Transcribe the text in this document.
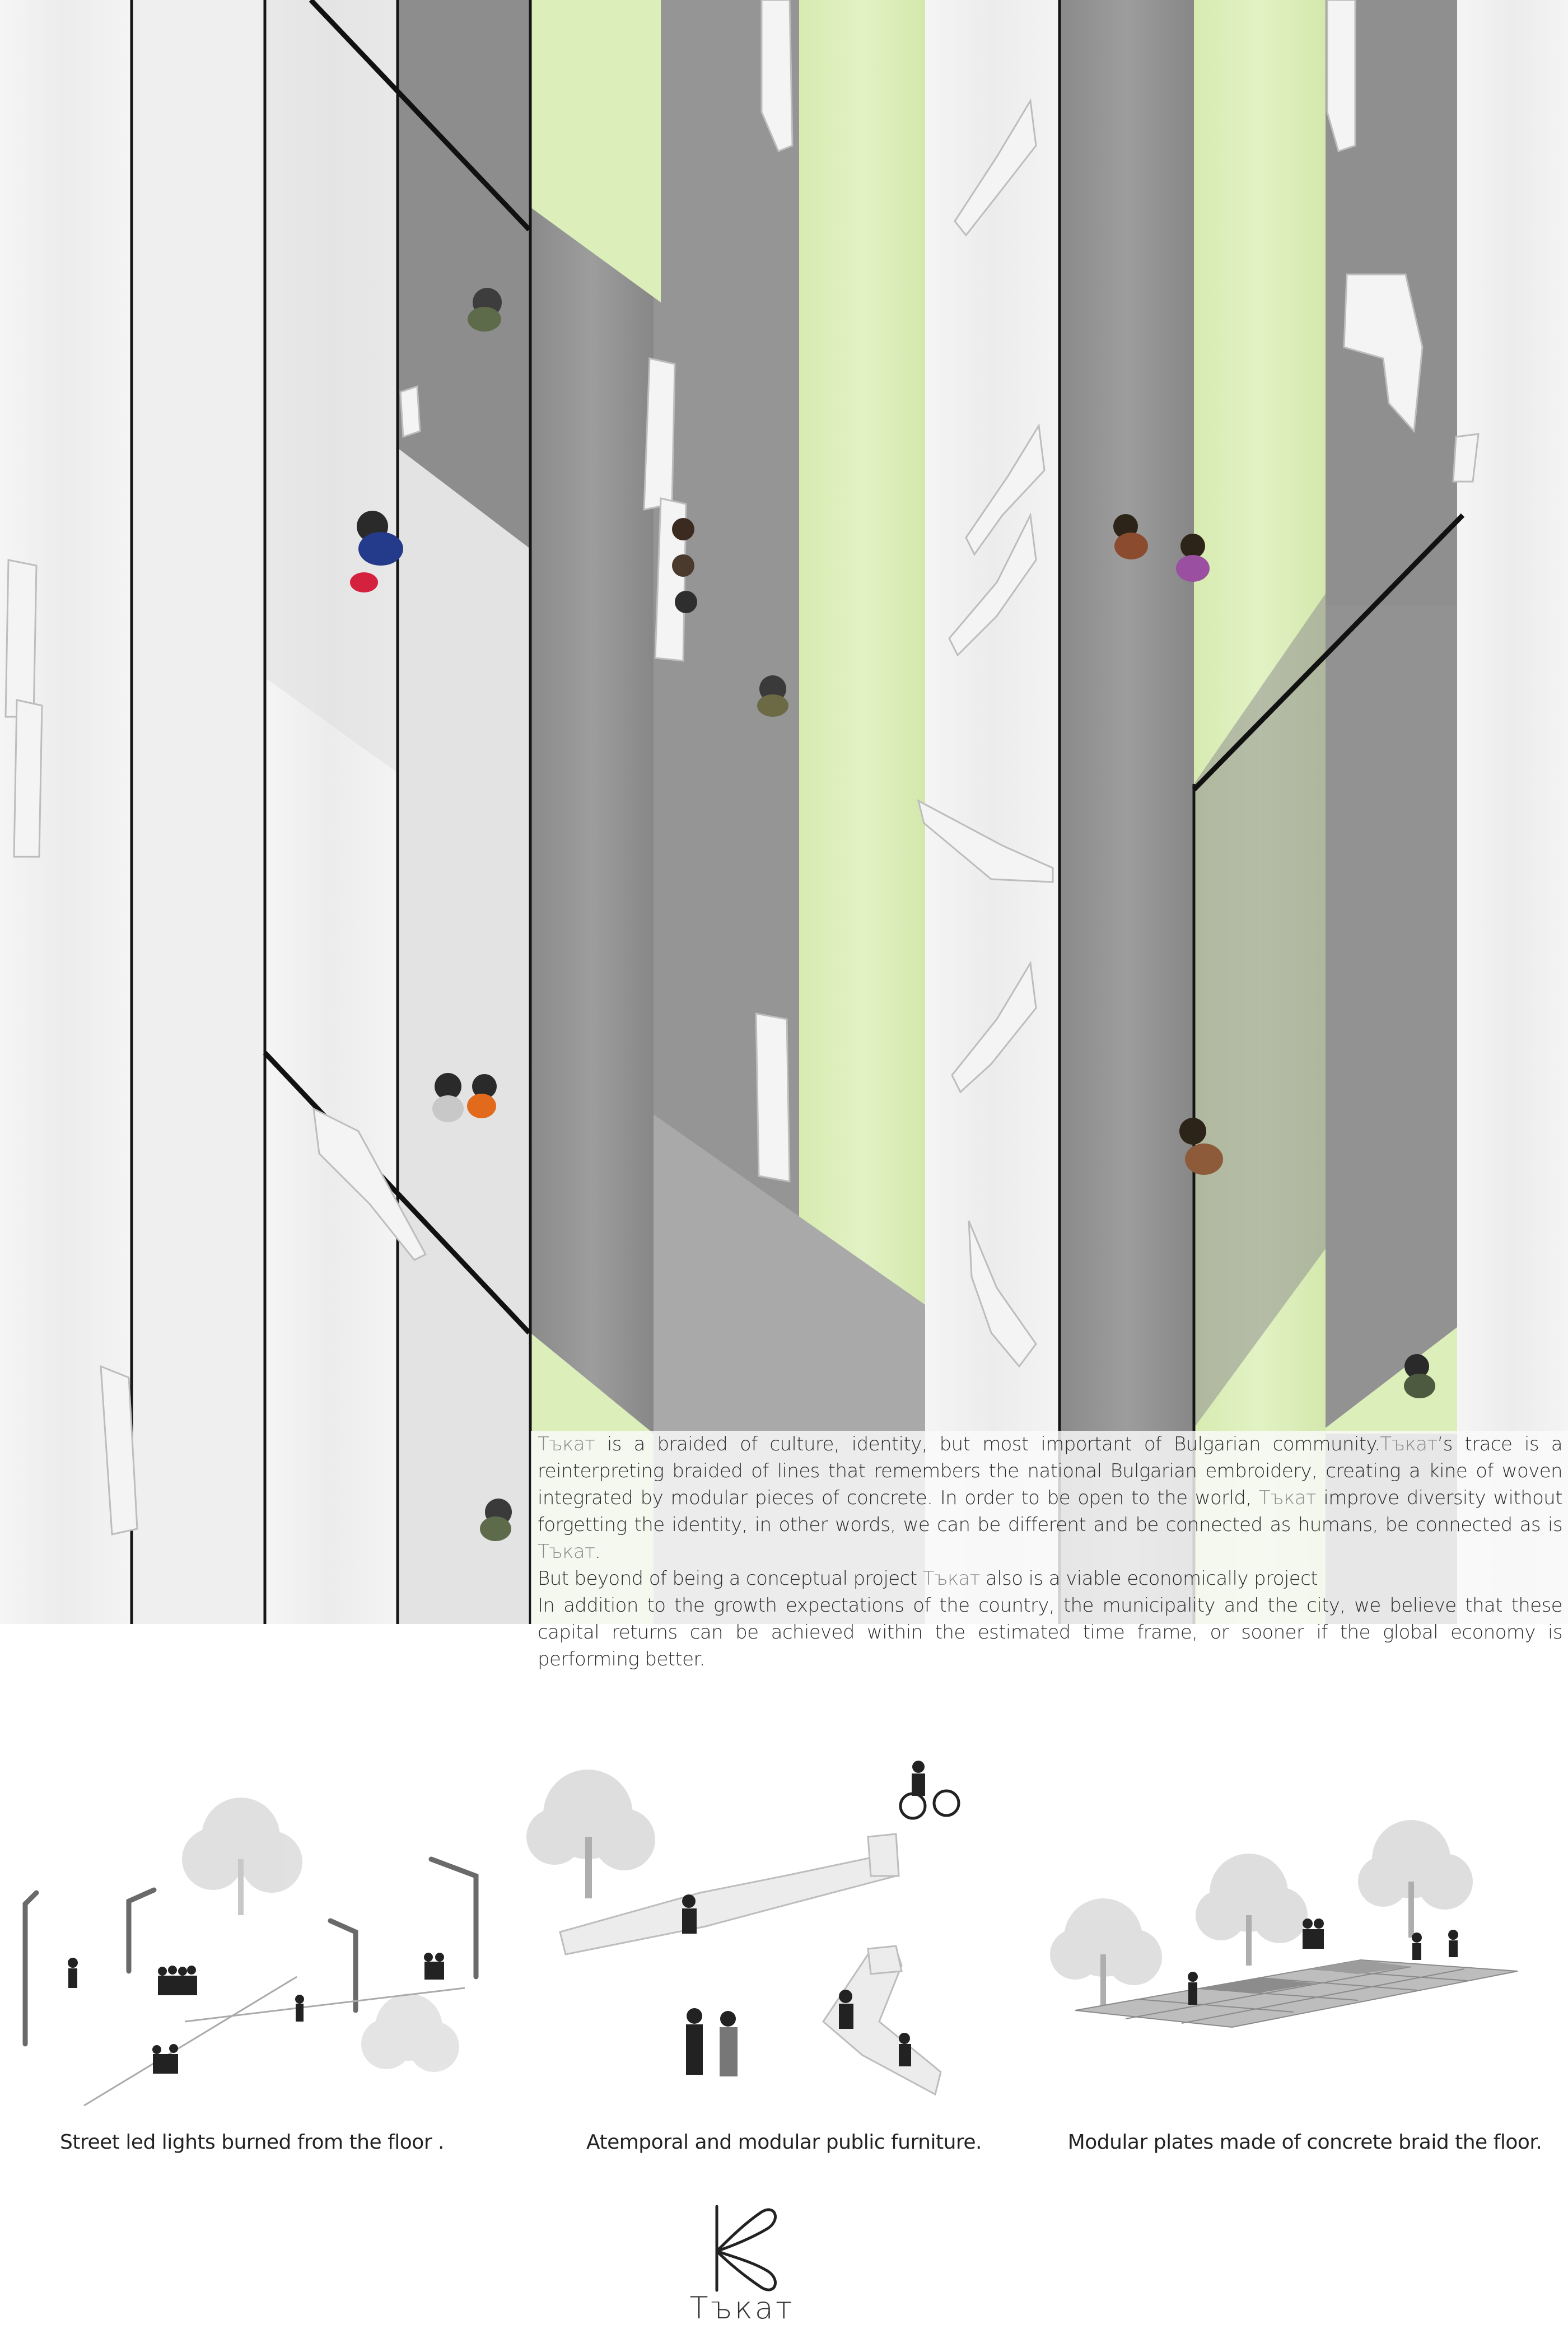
Тъкат is a braided of culture, identity, but most important of Bulgarian community.Тъкат’s trace is a reinterpreting braided of lines that remembers the national Bulgarian embroidery, creating a kine of woven integrated by modular pieces of concrete. In order to be open to the world, Тъкат improve diversity without forgetting the identity, in other words, we can be different and be connected as humans, be connected as is Тъкат.

But beyond of being a conceptual project Тъкат also is a viable economically project

In addition to the growth expectations of the country, the municipality and the city, we believe that these capital returns can be achieved within the estimated time frame, or sooner if the global economy is performing better.

Street led lights burned from the floor .	Atemporal and modular public furniture.	Modular plates made of concrete braid the floor.
Тъкат
